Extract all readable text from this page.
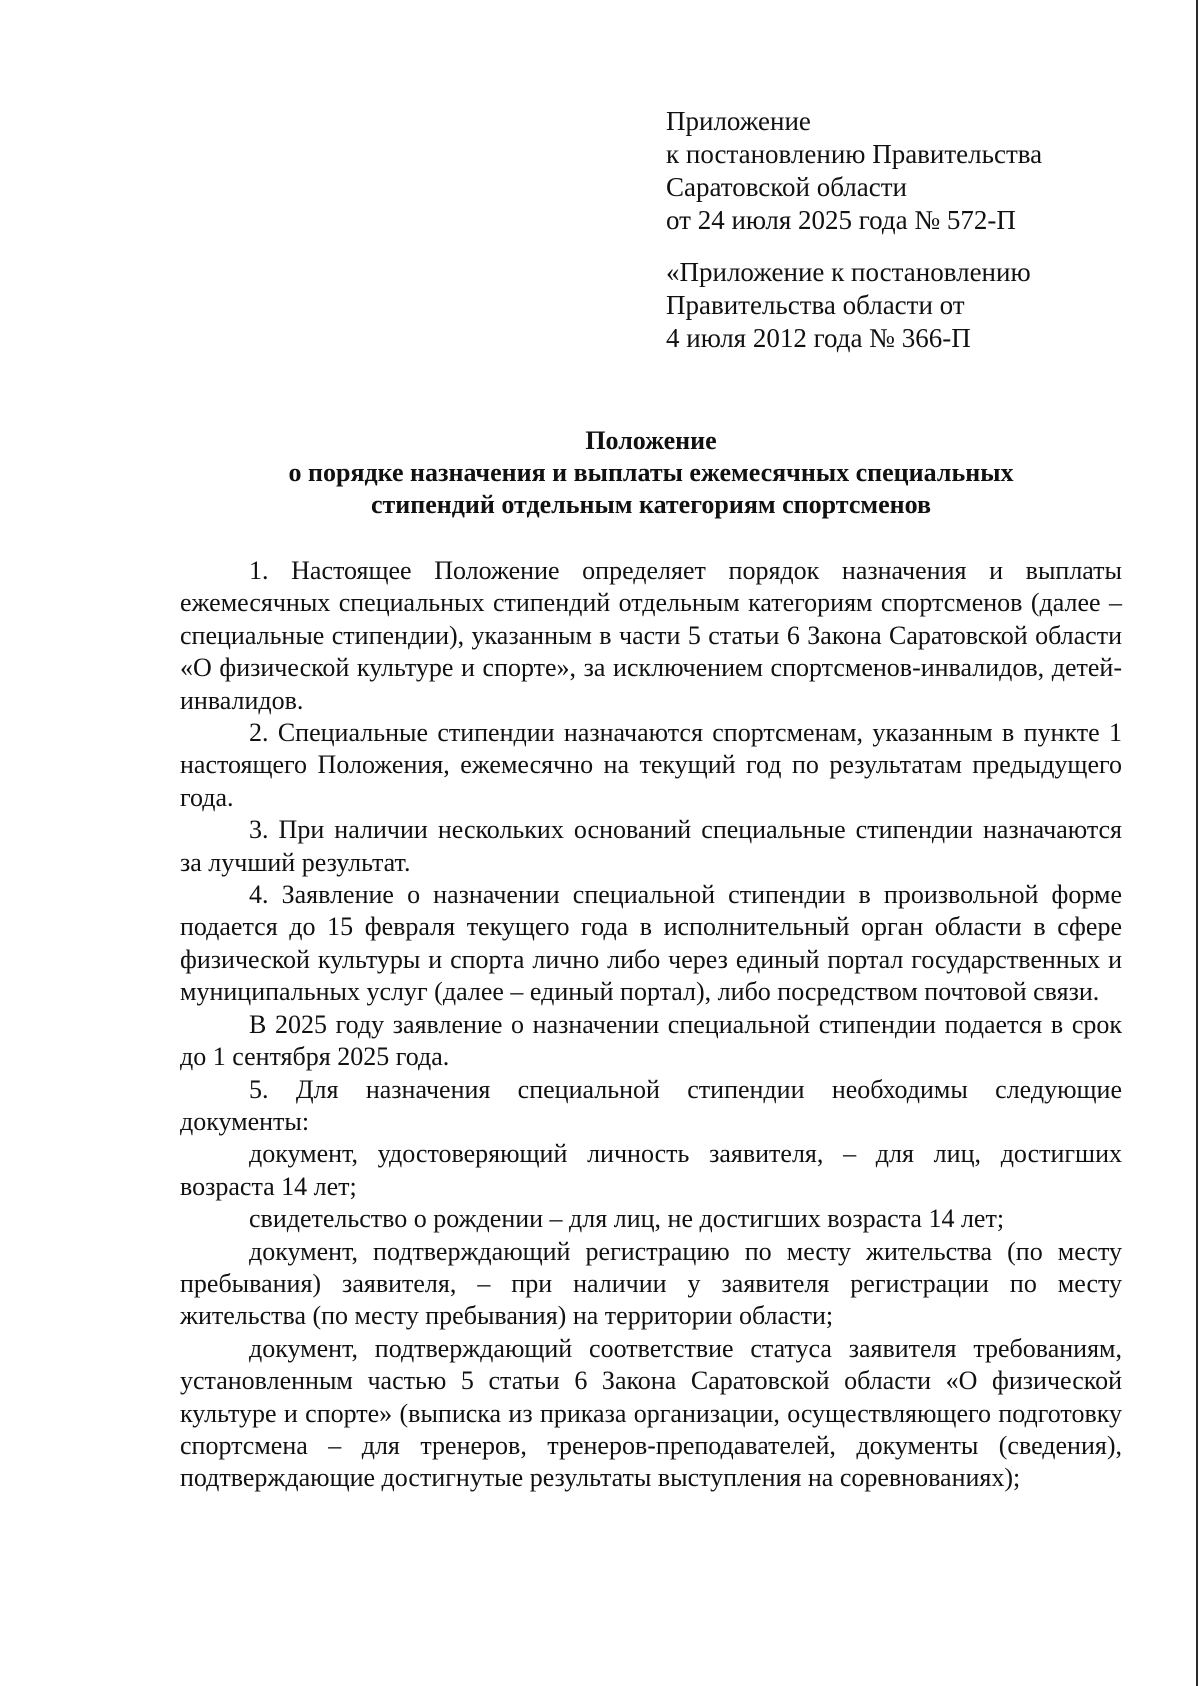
Приложение

к постановлению Правительства

Саратовской области

от 24 июля 2025 года № 572-П

«Приложение к постановлению

Правительства области от

4 июля 2012 года № 366-П

Положение

о порядке назначения и выплаты ежемесячных специальных

стипендий отдельным категориям спортсменов

1. Настоящее Положение определяет порядок назначения и выплаты ежемесячных специальных стипендий отдельным категориям спортсменов (далее – специальные стипендии), указанным в части 5 статьи 6 Закона Саратовской области «О физической культуре и спорте», за исключением спортсменов-инвалидов, детей-инвалидов.

2. Специальные стипендии назначаются спортсменам, указанным в пункте 1 настоящего Положения, ежемесячно на текущий год по результатам предыдущего года.

3. При наличии нескольких оснований специальные стипендии назначаются за лучший результат.

4. Заявление о назначении специальной стипендии в произвольной форме подается до 15 февраля текущего года в исполнительный орган области в сфере физической культуры и спорта лично либо через единый портал государственных и муниципальных услуг (далее – единый портал), либо посредством почтовой связи.

В 2025 году заявление о назначении специальной стипендии подается в срок до 1 сентября 2025 года.

5. Для назначения специальной стипендии необходимы следующие документы:

документ, удостоверяющий личность заявителя, – для лиц, достигших возраста 14 лет;

свидетельство о рождении – для лиц, не достигших возраста 14 лет;

документ, подтверждающий регистрацию по месту жительства (по месту пребывания) заявителя, – при наличии у заявителя регистрации по месту жительства (по месту пребывания) на территории области;

документ, подтверждающий соответствие статуса заявителя требованиям, установленным частью 5 статьи 6 Закона Саратовской области «О физической культуре и спорте» (выписка из приказа организации, осуществляющего подготовку спортсмена – для тренеров, тренеров-преподавателей, документы (сведения), подтверждающие достигнутые результаты выступления на соревнованиях);
